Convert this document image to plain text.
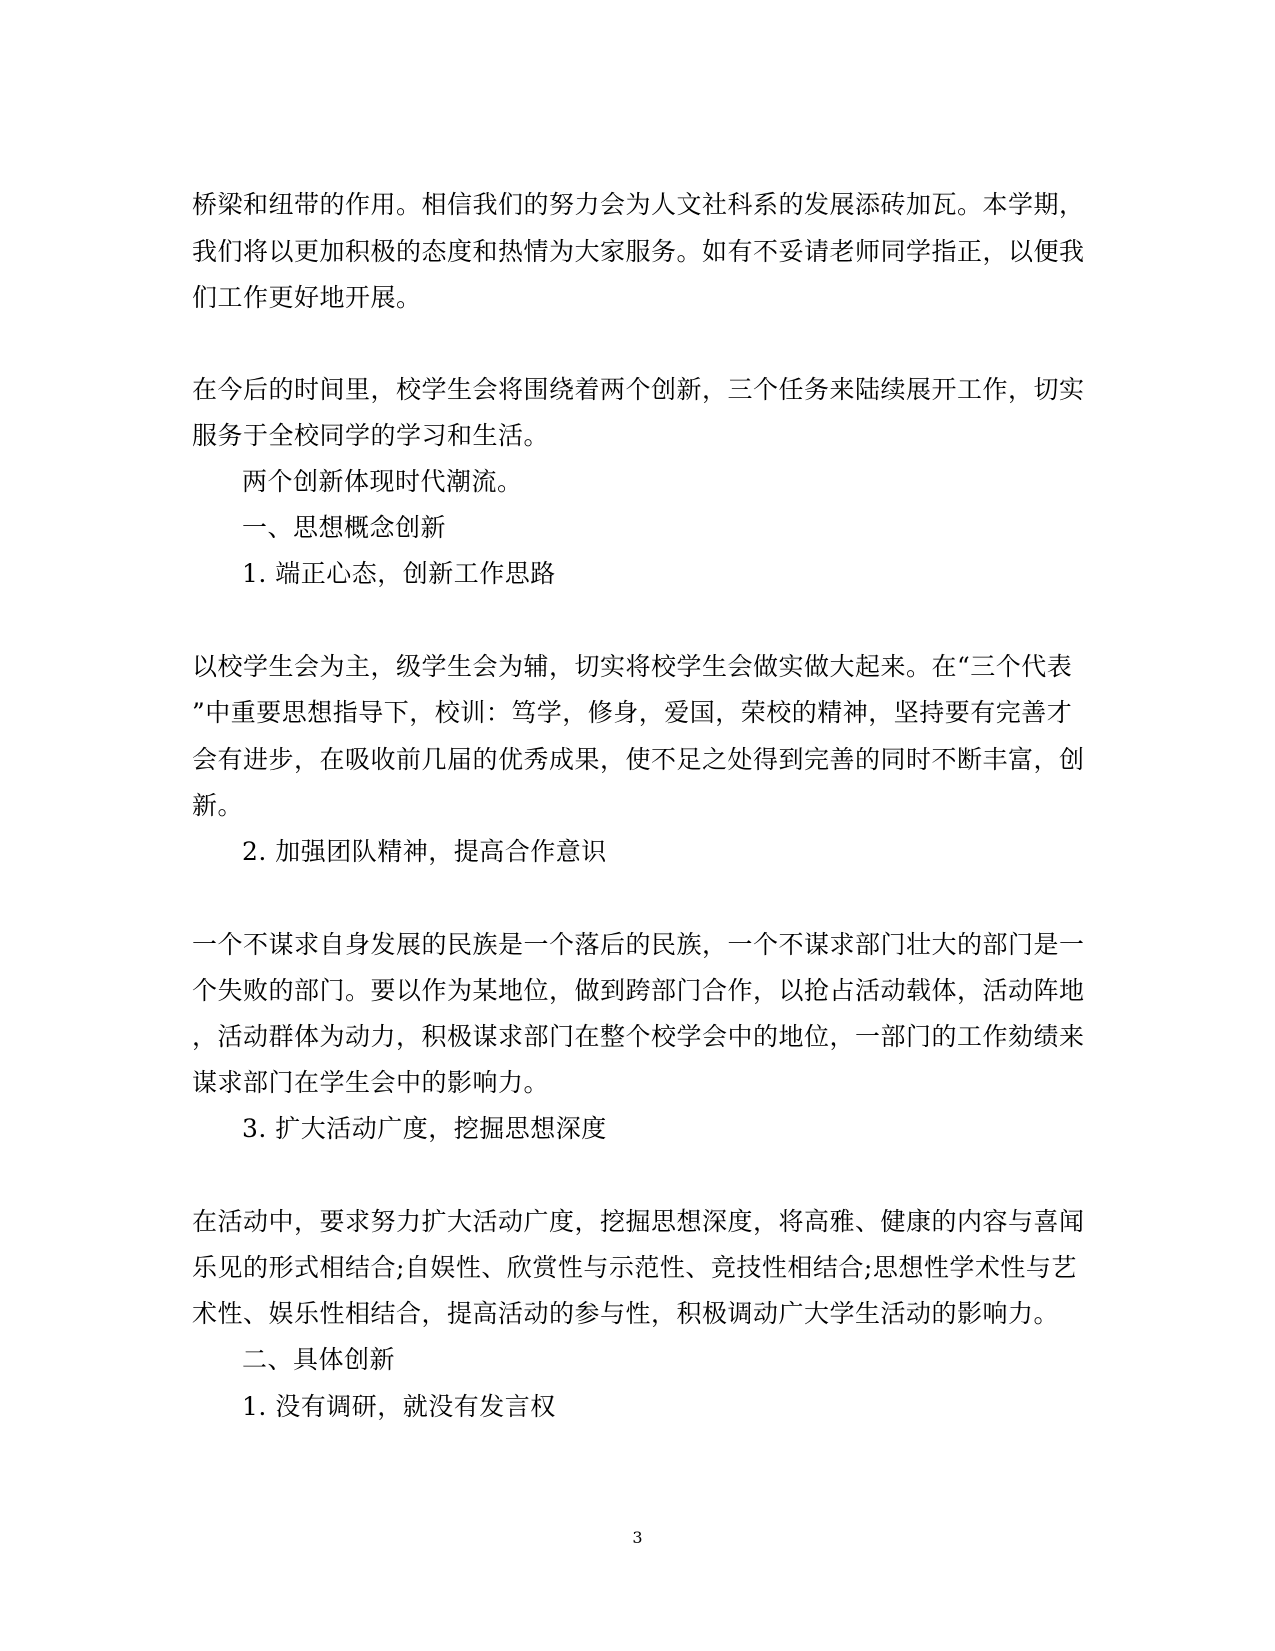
桥梁和纽带的作用。相信我们的努力会为人文社科系的发展添砖加瓦。本学期，
我们将以更加积极的态度和热情为大家服务。如有不妥请老师同学指正，以便我
们工作更好地开展。
在今后的时间里，校学生会将围绕着两个创新，三个任务来陆续展开工作，切实
服务于全校同学的学习和生活。
两个创新体现时代潮流。
一、思想概念创新
1. 端正心态，创新工作思路
以校学生会为主，级学生会为辅，切实将校学生会做实做大起来。在“三个代表
”中重要思想指导下，校训：笃学，修身，爱国，荣校的精神，坚持要有完善才
会有进步，在吸收前几届的优秀成果，使不足之处得到完善的同时不断丰富，创
新。
2. 加强团队精神，提高合作意识
一个不谋求自身发展的民族是一个落后的民族，一个不谋求部门壮大的部门是一
个失败的部门。要以作为某地位，做到跨部门合作，以抢占活动载体，活动阵地
，活动群体为动力，积极谋求部门在整个校学会中的地位，一部门的工作劾绩来
谋求部门在学生会中的影响力。
3. 扩大活动广度，挖掘思想深度
在活动中，要求努力扩大活动广度，挖掘思想深度，将高雅、健康的内容与喜闻
乐见的形式相结合;自娱性、欣赏性与示范性、竞技性相结合;思想性学术性与艺
术性、娱乐性相结合，提高活动的参与性，积极调动广大学生活动的影响力。
二、具体创新
1. 没有调研，就没有发言权
3
